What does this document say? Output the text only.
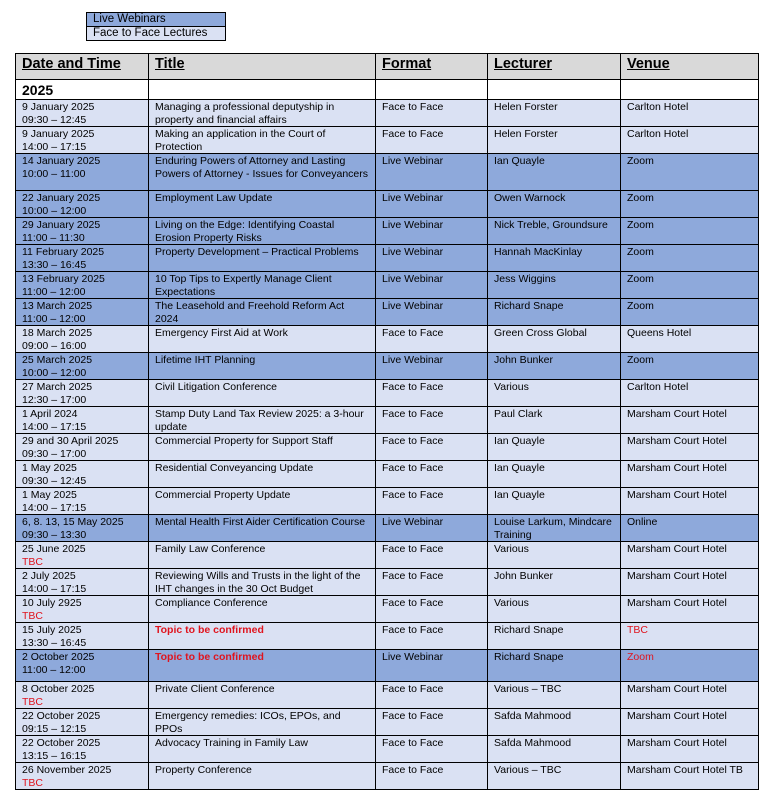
Live Webinars
Face to Face Lectures
Date and Time	Title	Format	Lecturer	Venue
2025				

9 January 2025
09:30 – 12:45	Managing a professional deputyship in property and financial affairs	Face to Face	Helen Forster	Carlton Hotel

9 January 2025
14:00 – 17:15	Making an application in the Court of Protection	Face to Face	Helen Forster	Carlton Hotel

14 January 2025
10:00 – 11:00	Enduring Powers of Attorney and Lasting Powers of Attorney - Issues for Conveyancers	Live Webinar	Ian Quayle	Zoom

22 January 2025
10:00 – 12:00	Employment Law Update	Live Webinar	Owen Warnock	Zoom

29 January 2025
11:00 – 11:30	Living on the Edge: Identifying Coastal Erosion Property Risks	Live Webinar	Nick Treble, Groundsure	Zoom

11 February 2025
13:30 – 16:45	Property Development – Practical Problems	Live Webinar	Hannah MacKinlay	Zoom

13 February 2025
11:00 – 12:00	10 Top Tips to Expertly Manage Client Expectations	Live Webinar	Jess Wiggins	Zoom

13 March 2025
11:00 – 12:00	The Leasehold and Freehold Reform Act 2024	Live Webinar	Richard Snape	Zoom

18 March 2025
09:00 – 16:00	Emergency First Aid at Work	Face to Face	Green Cross Global	Queens Hotel

25 March 2025
10:00 – 12:00	Lifetime IHT Planning	Live Webinar	John Bunker	Zoom

27 March 2025
12:30 – 17:00	Civil Litigation Conference	Face to Face	Various	Carlton Hotel

1 April 2024
14:00 – 17:15	Stamp Duty Land Tax Review 2025: a 3-hour update	Face to Face	Paul Clark	Marsham Court Hotel

29 and 30 April 2025
09:30 – 17:00	Commercial Property for Support Staff	Face to Face	Ian Quayle	Marsham Court Hotel

1 May 2025
09:30 – 12:45	Residential Conveyancing Update	Face to Face	Ian Quayle	Marsham Court Hotel

1 May 2025
14:00 – 17:15	Commercial Property Update	Face to Face	Ian Quayle	Marsham Court Hotel

6, 8. 13, 15 May 2025
09:30 – 13:30	Mental Health First Aider Certification Course	Live Webinar	Louise Larkum, Mindcare Training	Online

25 June 2025
TBC	Family Law Conference	Face to Face	Various	Marsham Court Hotel

2 July 2025
14:00 – 17:15	Reviewing Wills and Trusts in the light of the IHT changes in the 30 Oct Budget	Face to Face	John Bunker	Marsham Court Hotel

10 July 2925
TBC	Compliance Conference	Face to Face	Various	Marsham Court Hotel

15 July 2025
13:30 – 16:45	Topic to be confirmed	Face to Face	Richard Snape	TBC

2 October 2025
11:00 – 12:00	Topic to be confirmed	Live Webinar	Richard Snape	Zoom

8 October 2025
TBC	Private Client Conference	Face to Face	Various – TBC	Marsham Court Hotel

22 October 2025
09:15 – 12:15	Emergency remedies: ICOs, EPOs, and PPOs	Face to Face	Safda Mahmood	Marsham Court Hotel

22 October 2025
13:15 – 16:15	Advocacy Training in Family Law	Face to Face	Safda Mahmood	Marsham Court Hotel

26 November 2025
TBC	Property Conference	Face to Face	Various – TBC	Marsham Court Hotel TB
